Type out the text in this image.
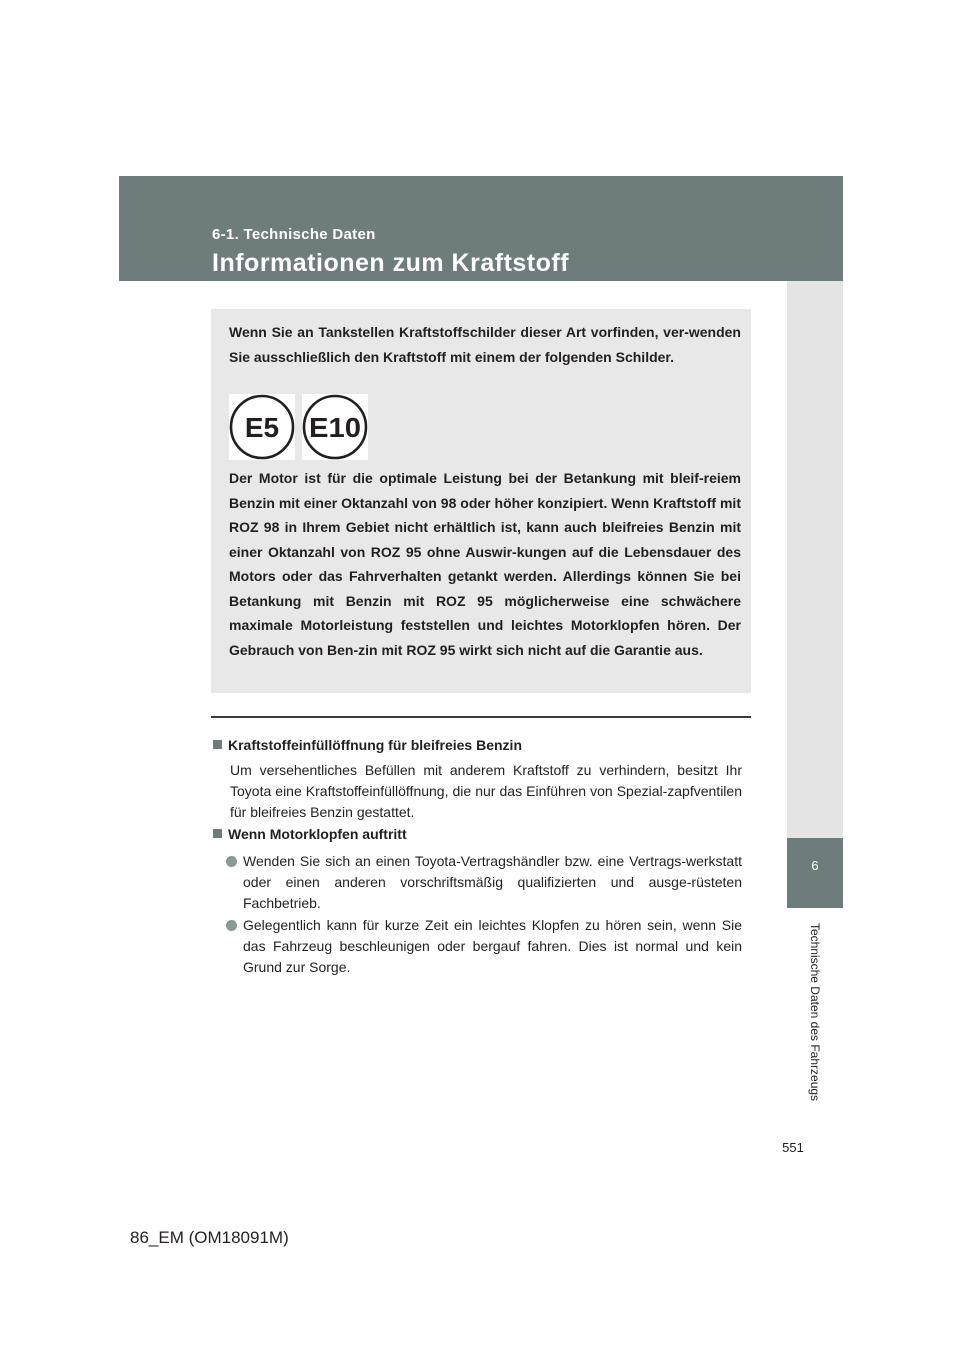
6-1. Technische Daten
Informationen zum Kraftstoff
6
Technische Daten des Fahrzeugs
Wenn Sie an Tankstellen Kraftstoffschilder dieser Art vorfinden, ver-wenden Sie ausschließlich den Kraftstoff mit einem der folgenden Schilder.
E5 E10
Der Motor ist für die optimale Leistung bei der Betankung mit bleif-reiem Benzin mit einer Oktanzahl von 98 oder höher konzipiert. Wenn Kraftstoff mit ROZ 98 in Ihrem Gebiet nicht erhältlich ist, kann auch bleifreies Benzin mit einer Oktanzahl von ROZ 95 ohne Auswir-kungen auf die Lebensdauer des Motors oder das Fahrverhalten getankt werden. Allerdings können Sie bei Betankung mit Benzin mit ROZ 95 möglicherweise eine schwächere maximale Motorleistung feststellen und leichtes Motorklopfen hören. Der Gebrauch von Ben-zin mit ROZ 95 wirkt sich nicht auf die Garantie aus.
Kraftstoffeinfüllöffnung für bleifreies Benzin
Um versehentliches Befüllen mit anderem Kraftstoff zu verhindern, besitzt Ihr Toyota eine Kraftstoffeinfüllöffnung, die nur das Einführen von Spezial-zapfventilen für bleifreies Benzin gestattet.
Wenn Motorklopfen auftritt
Wenden Sie sich an einen Toyota-Vertragshändler bzw. eine Vertrags-werkstatt oder einen anderen vorschriftsmäßig qualifizierten und ausge-rüsteten Fachbetrieb.
Gelegentlich kann für kurze Zeit ein leichtes Klopfen zu hören sein, wenn Sie das Fahrzeug beschleunigen oder bergauf fahren. Dies ist normal und kein Grund zur Sorge.
551
86_EM (OM18091M)
